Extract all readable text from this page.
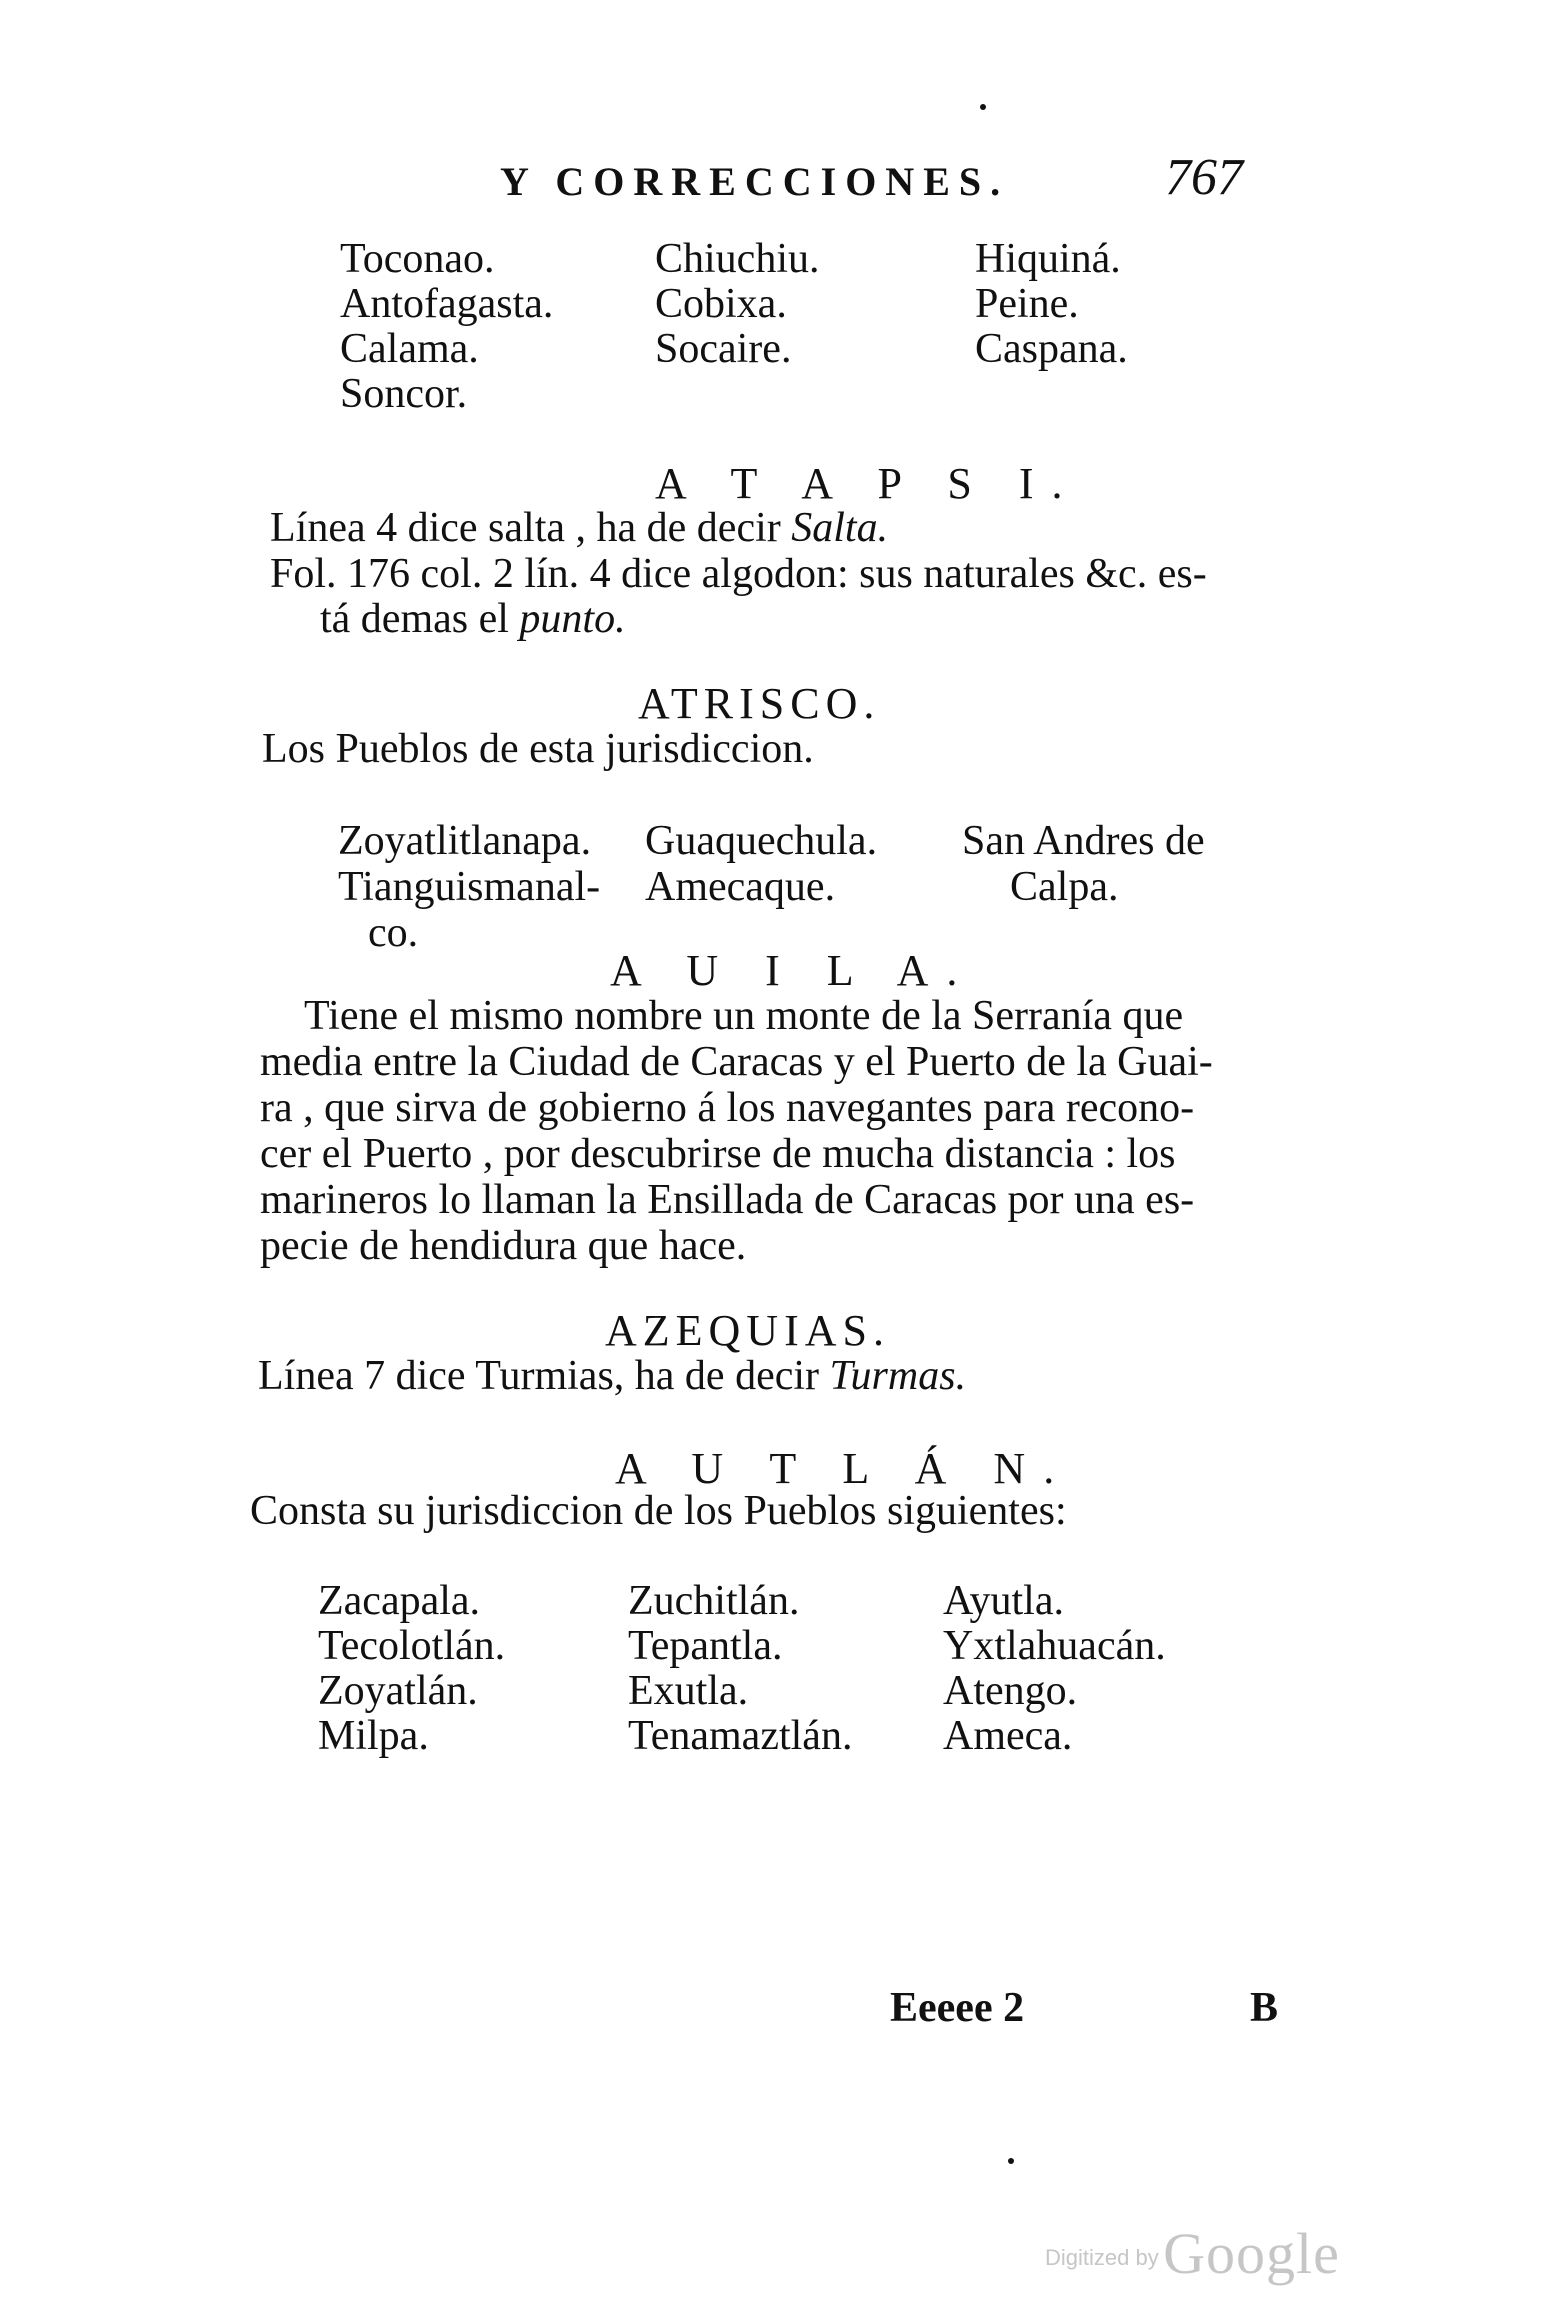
Y CORRECCIONES.	767
Toconao.
Antofagasta.
Calama.
Soncor.
Chiuchiu.
Cobixa.
Socaire.
Hiquiná.
Peine.
Caspana.
A T A P S I.
Línea 4 dice salta , ha de decir Salta.
Fol. 176 col. 2 lín. 4 dice algodon: sus naturales &c. es-
tá demas el punto.
ATRISCO.
Los Pueblos de esta jurisdiccion.
Zoyatlitlanapa.
Tianguismanal-
co.
Guaquechula.
Amecaque.
San Andres de
Calpa.
A U I L A.
Tiene el mismo nombre un monte de la Serranía que
media entre la Ciudad de Caracas y el Puerto de la Guai-
ra , que sirva de gobierno á los navegantes para recono-
cer el Puerto , por descubrirse de mucha distancia : los
marineros lo llaman la Ensillada de Caracas por una es-
pecie de hendidura que hace.
AZEQUIAS.
Línea 7 dice Turmias, ha de decir Turmas.
A U T L Á N.
Consta su jurisdiccion de los Pueblos siguientes:
Zacapala.
Tecolotlán.
Zoyatlán.
Milpa.
Zuchitlán.
Tepantla.
Exutla.
Tenamaztlán.
Ayutla.
Yxtlahuacán.
Atengo.
Ameca.
Eeeee 2	B
Digitized by Google
